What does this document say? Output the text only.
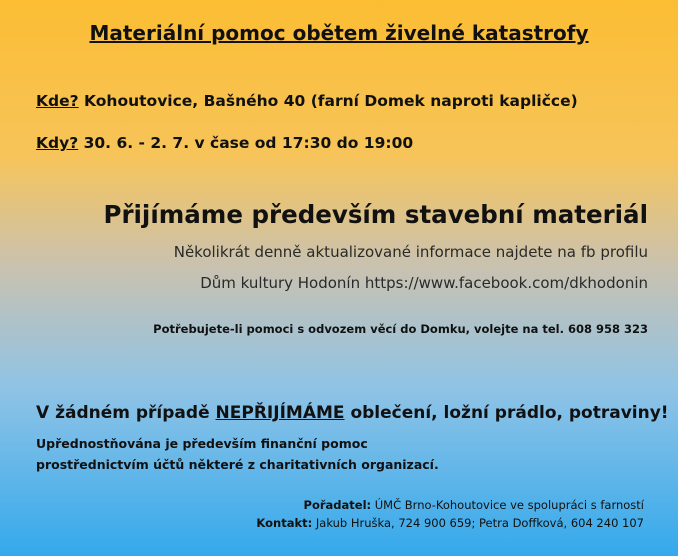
Materiální pomoc obětem živelné katastrofy
Kde? Kohoutovice, Bašného 40 (farní Domek naproti kapličce)
Kdy? 30. 6. - 2. 7. v čase od 17:30 do 19:00
Přijímáme především stavební materiál
Několikrát denně aktualizované informace najdete na fb profilu
Dům kultury Hodonín https://www.facebook.com/dkhodonin
Potřebujete-li pomoci s odvozem věcí do Domku, volejte na tel. 608 958 323
V žádném případě NEPŘIJÍMÁME oblečení, ložní prádlo, potraviny!
Upřednostňována je především finanční pomoc
prostřednictvím účtů některé z charitativních organizací.
Pořadatel: ÚMČ Brno-Kohoutovice ve spolupráci s farností
Kontakt: Jakub Hruška, 724 900 659; Petra Doffková, 604 240 107
